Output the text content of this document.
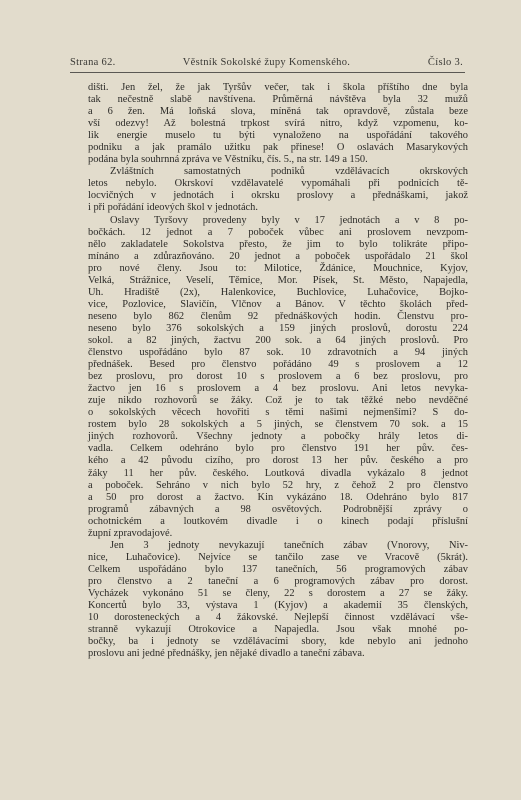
Strana 62.	Věstník Sokolské župy Komenského.	Číslo 3.
dišti. Jen žel, že jak Tyršův večer, tak i škola příštího dne byla
tak nečestně slabě navštívena. Průměrná návštěva byla 32 mužů
a 6 žen. Má loňská slova, míněná tak opravdově, zůstala beze
vší odezvy! Až bolestná trpkost svírá nitro, když vzpomenu, ko-
lik energie muselo tu býti vynaloženo na uspořádání takového
podniku a jak pramálo užitku pak přinese! O oslavách Masarykových
podána byla souhrnná zpráva ve Věstníku, čís. 5., na str. 149 a 150.
Zvláštních samostatných podniků vzdělávacích okrskových
letos nebylo. Okrskoví vzdělavatelé vypomáhali při podnicích tě-
locvičných v jednotách i okrsku proslovy a přednáškami, jakož
i při pořádání ideových škol v jednotách.
Oslavy Tyršovy provedeny byly v 17 jednotách a v 8 po-
bočkách. 12 jednot a 7 poboček vůbec ani proslovem nevzpom-
nělo zakladatele Sokolstva přesto, že jim to bylo tolikráte připo-
mínáno a zdůrazňováno. 20 jednot a poboček uspořádalo 21 škol
pro nové členy. Jsou to: Milotice, Ždánice, Mouchnice, Kyjov,
Velká, Strážnice, Veselí, Těmice, Mor. Písek, St. Město, Napajedla,
Uh. Hradiště (2x), Halenkovice, Buchlovice, Luhačovice, Bojko-
vice, Pozlovice, Slavičín, Vlčnov a Bánov. V těchto školách před-
neseno bylo 862 členům 92 přednáškových hodin. Členstvu pro-
neseno bylo 376 sokolských a 159 jiných proslovů, dorostu 224
sokol. a 82 jiných, žactvu 200 sok. a 64 jiných proslovů. Pro
členstvo uspořádáno bylo 87 sok. 10 zdravotních a 94 jiných
přednášek. Besed pro členstvo pořádáno 49 s proslovem a 12
bez proslovu, pro dorost 10 s proslovem a 6 bez proslovu, pro
žactvo jen 16 s proslovem a 4 bez proslovu. Ani letos nevyka-
zuje nikdo rozhovorů se žáky. Což je to tak těžké nebo nevděčné
o sokolských věcech hovořiti s těmi našimi nejmenšími? S do-
rostem bylo 28 sokolských a 5 jiných, se členstvem 70 sok. a 15
jiných rozhovorů. Všechny jednoty a pobočky hrály letos di-
vadla. Celkem odehráno bylo pro členstvo 191 her pův. čes-
kého a 42 původu cizího, pro dorost 13 her pův. českého a pro
žáky 11 her pův. českého. Loutková divadla vykázalo 8 jednot
a poboček. Sehráno v nich bylo 52 hry, z čehož 2 pro členstvo
a 50 pro dorost a žactvo. Kin vykázáno 18. Odehráno bylo 817
programů zábavných a 98 osvětových. Podrobnější zprávy o
ochotnickém a loutkovém divadle i o kinech podají příslušní
župní zpravodajové.
Jen 3 jednoty nevykazují tanečních zábav (Vnorovy, Niv-
nice, Luhačovice). Nejvíce se tančilo zase ve Vracově (5krát).
Celkem uspořádáno bylo 137 tanečních, 56 programových zábav
pro členstvo a 2 taneční a 6 programových zábav pro dorost.
Vycházek vykonáno 51 se členy, 22 s dorostem a 27 se žáky.
Koncertů bylo 33, výstava 1 (Kyjov) a akademií 35 členských,
10 dorosteneckých a 4 žákovské. Nejlepší činnost vzdělávací vše-
stranně vykazují Otrokovice a Napajedla. Jsou však mnohé po-
bočky, ba i jednoty se vzdělávacími sbory, kde nebylo ani jednoho
proslovu ani jedné přednášky, jen nějaké divadlo a taneční zábava.
